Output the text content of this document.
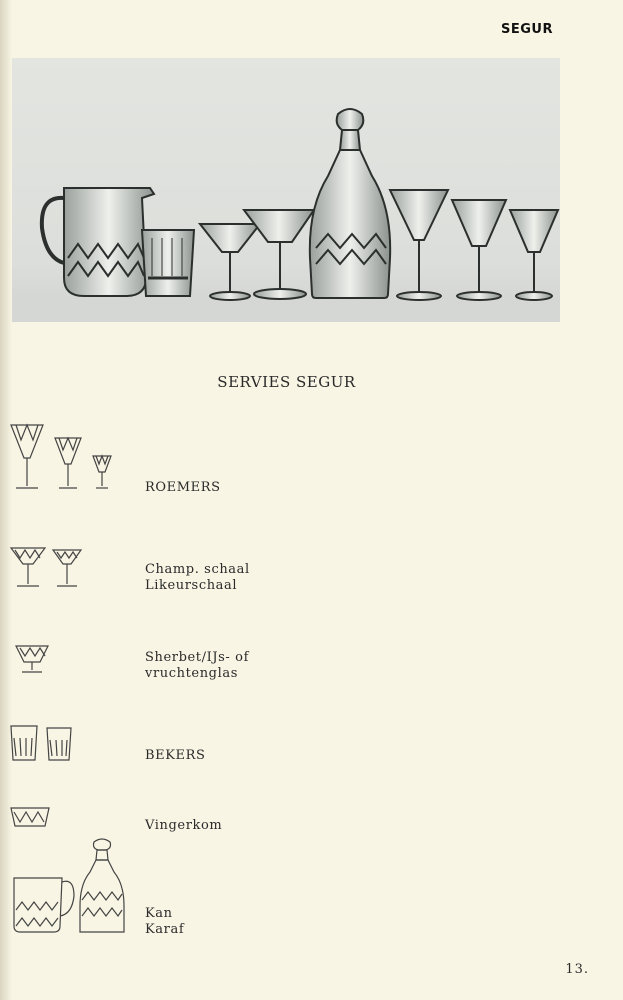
SEGUR
SERVIES SEGUR
ROEMERS
Champ. schaal
Likeurschaal
Sherbet/IJs- of
vruchtenglas
BEKERS
Vingerkom
Kan
Karaf
13.
